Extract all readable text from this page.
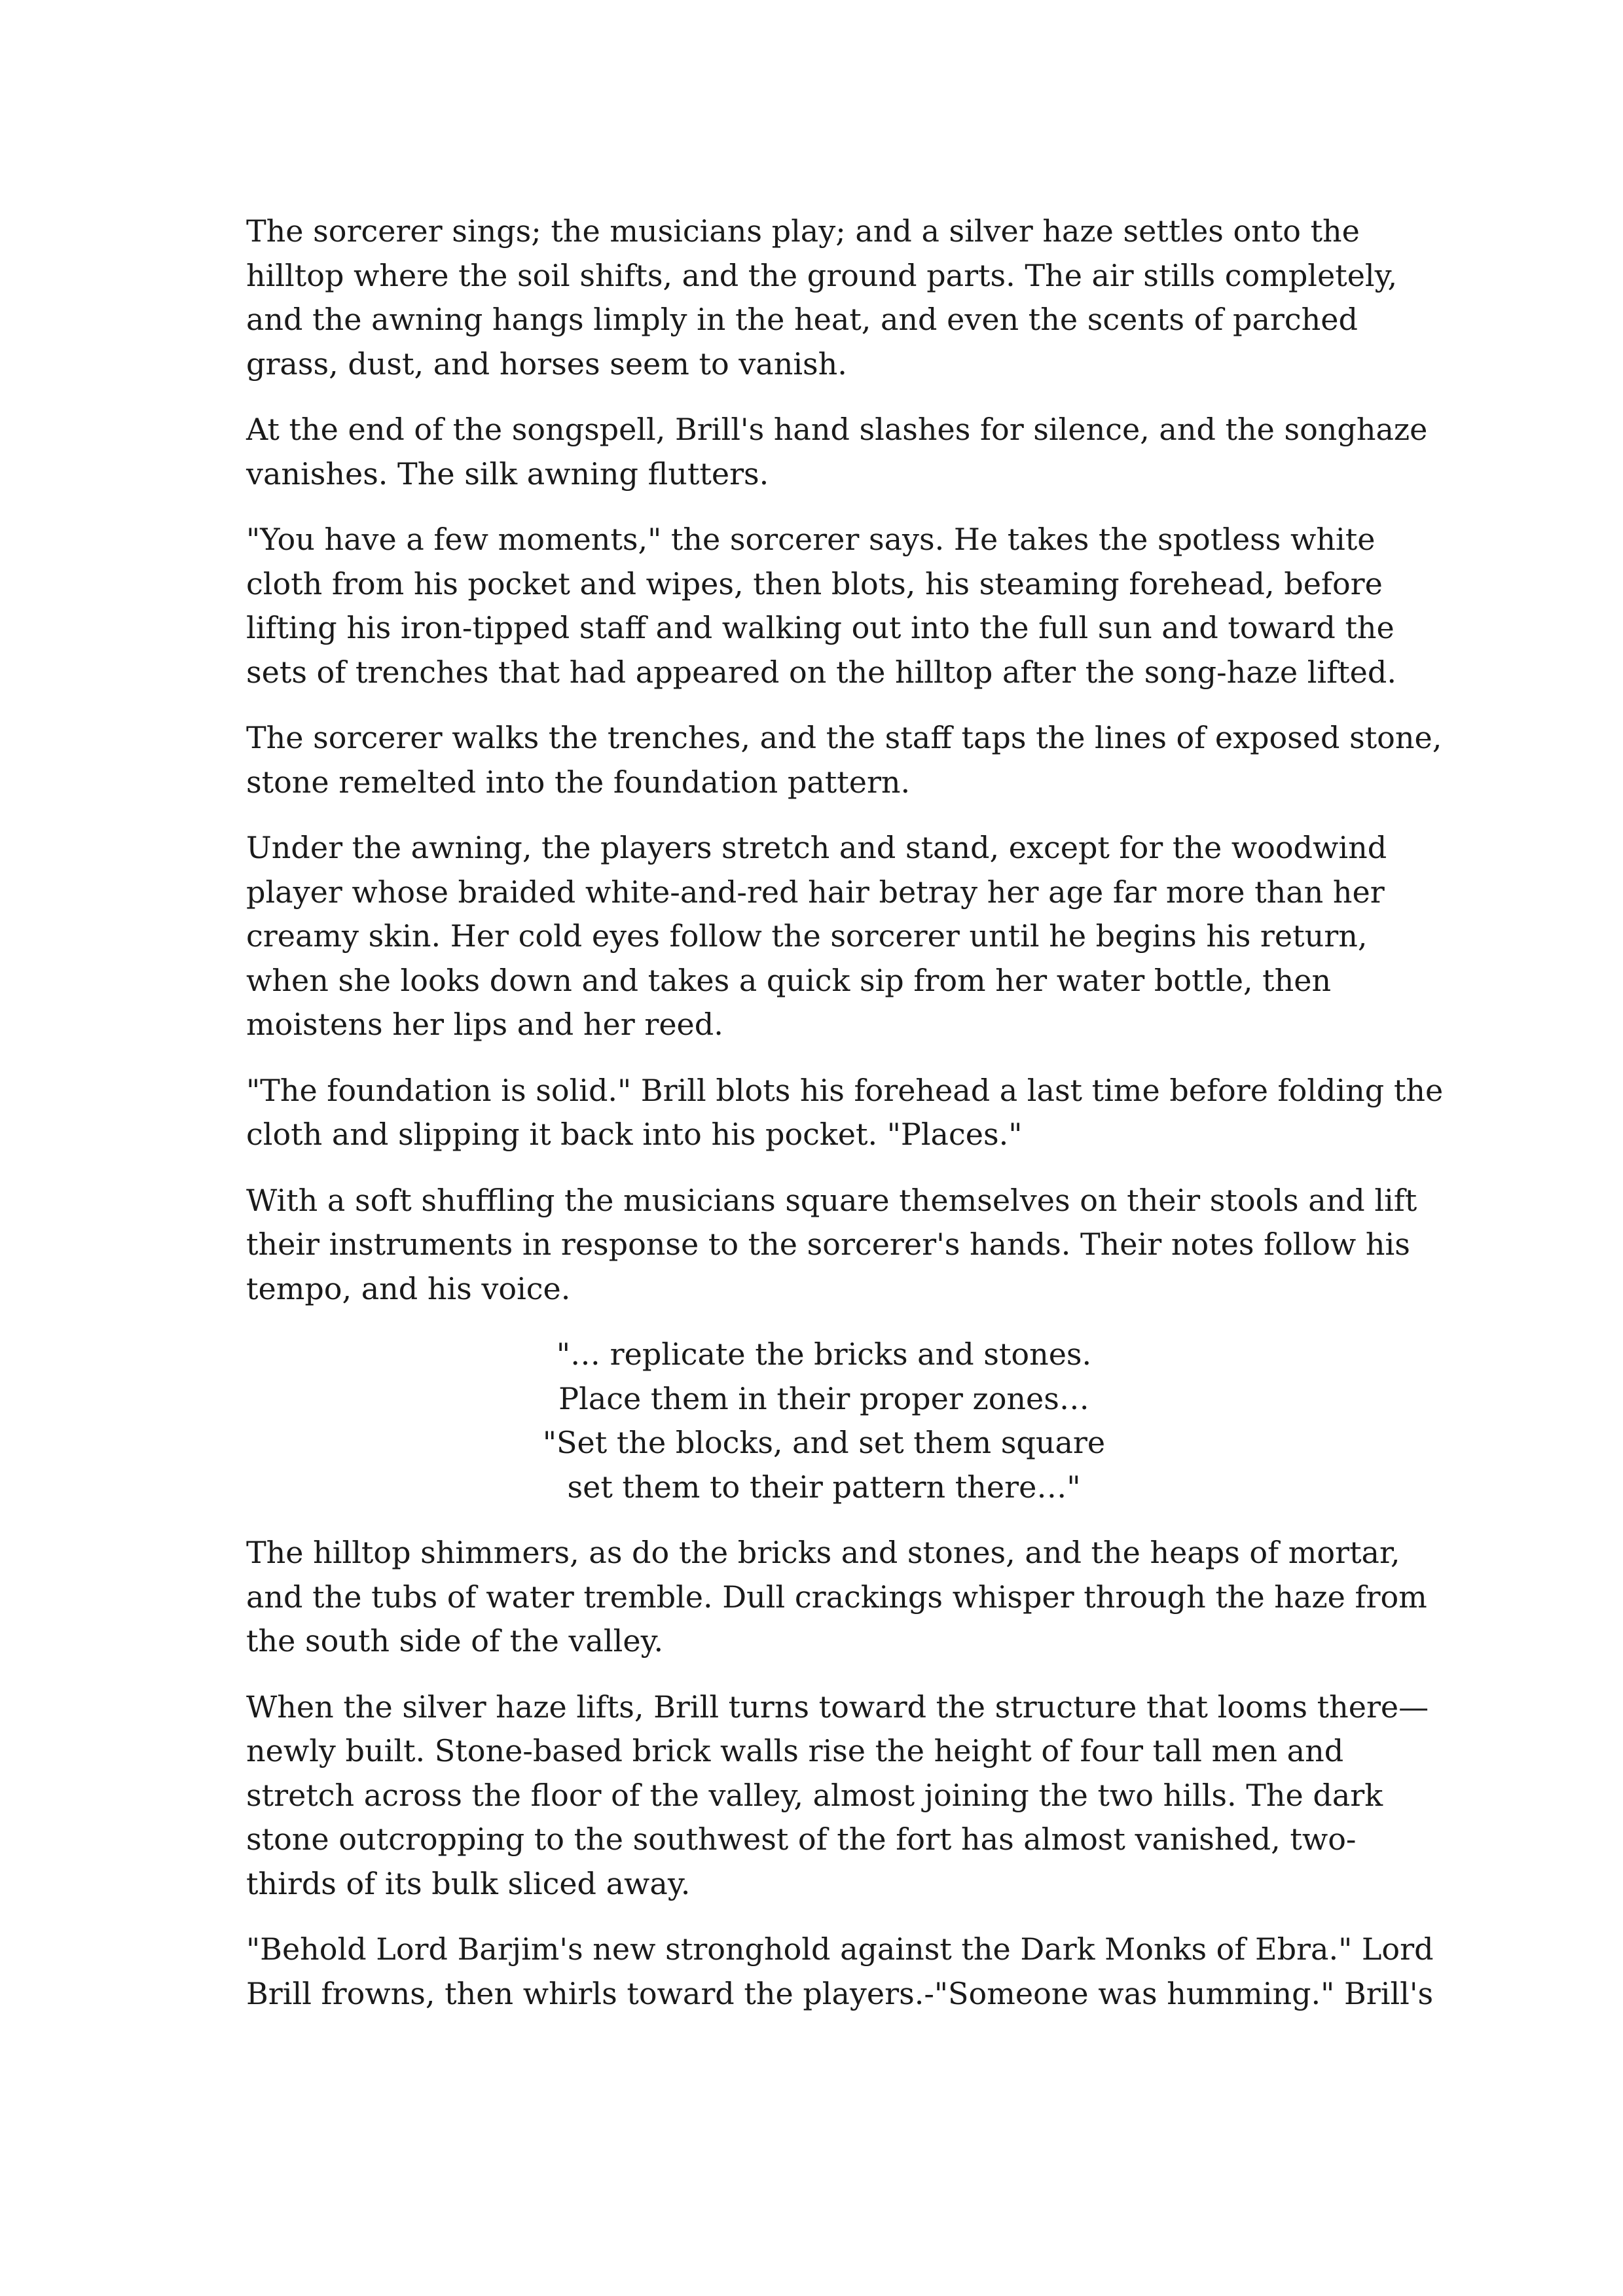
The sorcerer sings; the musicians play; and a silver haze settles onto the
hilltop where the soil shifts, and the ground parts. The air stills completely,
and the awning hangs limply in the heat, and even the scents of parched
grass, dust, and horses seem to vanish.
At the end of the songspell, Brill's hand slashes for silence, and the songhaze
vanishes. The silk awning flutters.
"You have a few moments," the sorcerer says. He takes the spotless white
cloth from his pocket and wipes, then blots, his steaming forehead, before
lifting his iron-tipped staff and walking out into the full sun and toward the
sets of trenches that had appeared on the hilltop after the song-haze lifted.
The sorcerer walks the trenches, and the staff taps the lines of exposed stone,
stone remelted into the foundation pattern.
Under the awning, the players stretch and stand, except for the woodwind
player whose braided white-and-red hair betray her age far more than her
creamy skin. Her cold eyes follow the sorcerer until he begins his return,
when she looks down and takes a quick sip from her water bottle, then
moistens her lips and her reed.
"The foundation is solid." Brill blots his forehead a last time before folding the
cloth and slipping it back into his pocket. "Places."
With a soft shuffling the musicians square themselves on their stools and lift
their instruments in response to the sorcerer's hands. Their notes follow his
tempo, and his voice.
"… replicate the bricks and stones.
Place them in their proper zones…
"Set the blocks, and set them square
set them to their pattern there…"
The hilltop shimmers, as do the bricks and stones, and the heaps of mortar,
and the tubs of water tremble. Dull crackings whisper through the haze from
the south side of the valley.
When the silver haze lifts, Brill turns toward the structure that looms there—
newly built. Stone-based brick walls rise the height of four tall men and
stretch across the floor of the valley, almost joining the two hills. The dark
stone outcropping to the southwest of the fort has almost vanished, two-
thirds of its bulk sliced away.
"Behold Lord Barjim's new stronghold against the Dark Monks of Ebra." Lord
Brill frowns, then whirls toward the players.-"Someone was humming." Brill's
